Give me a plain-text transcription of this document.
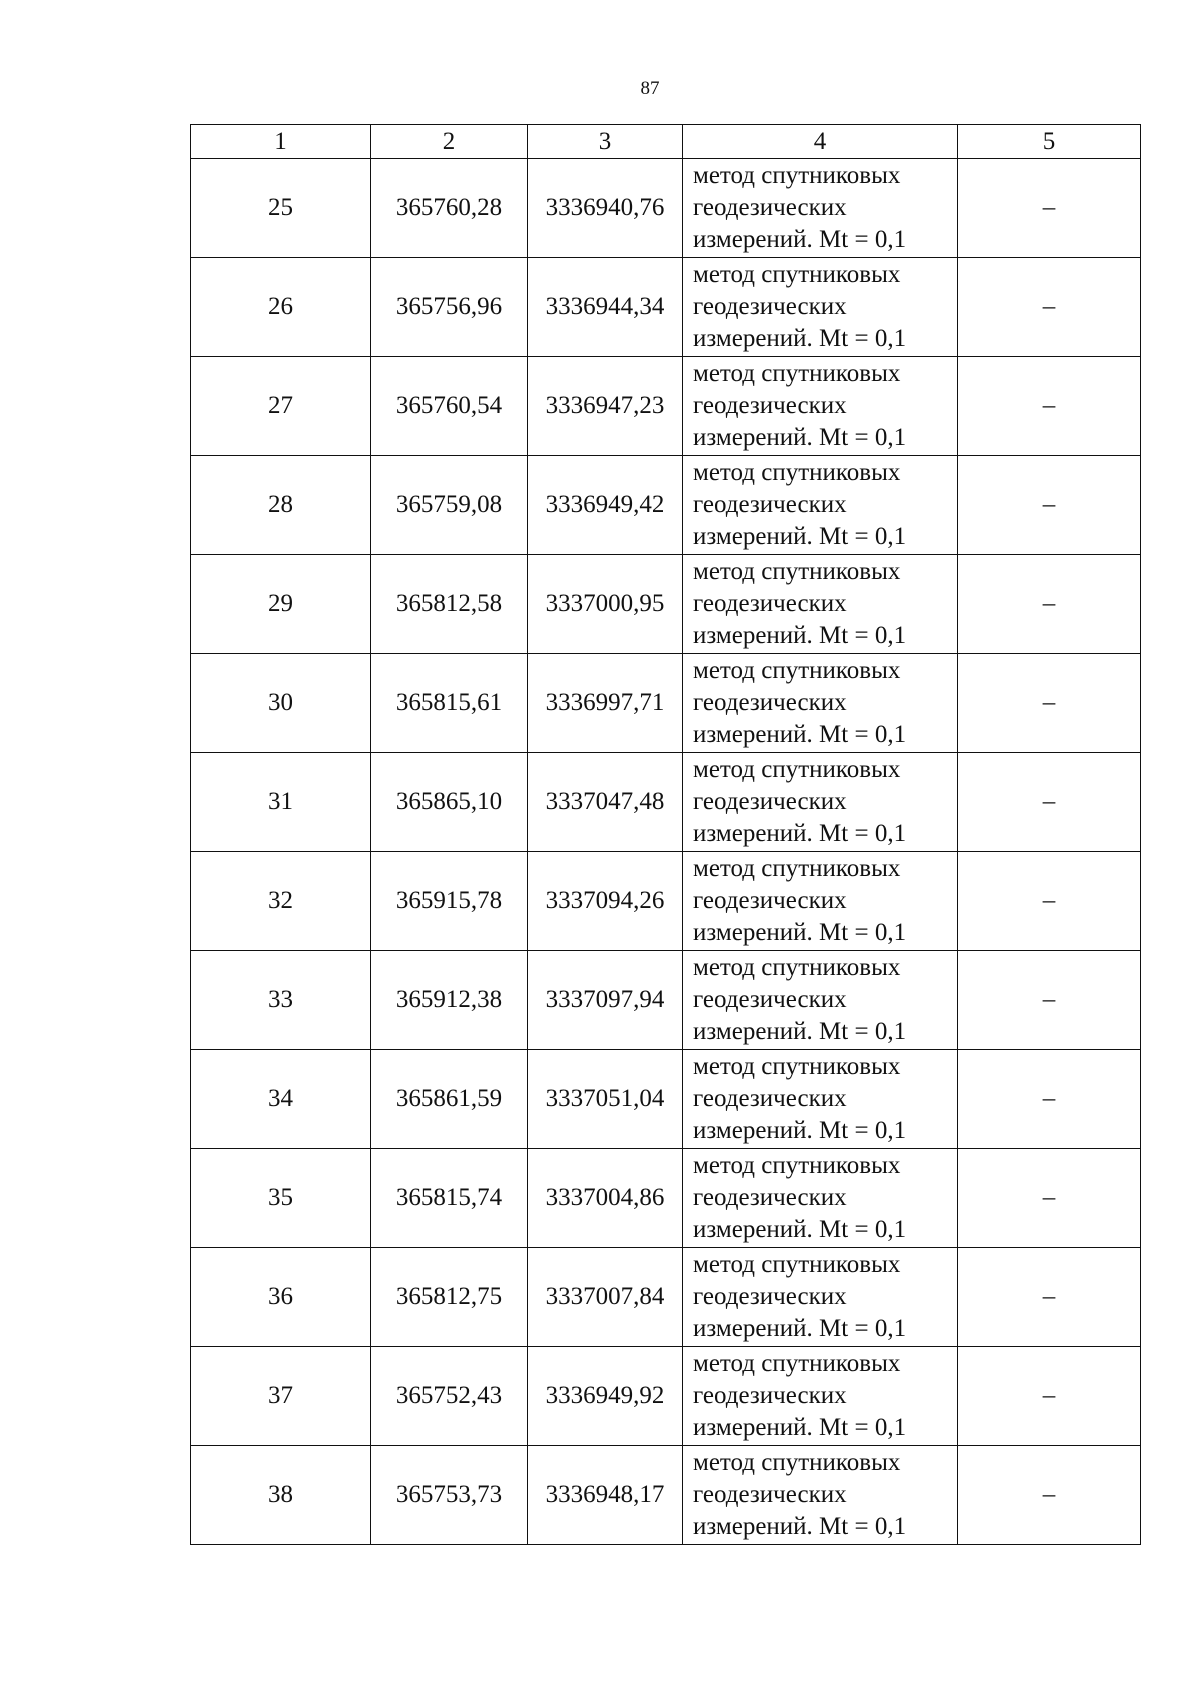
87
1	2	3	4	5
25	365760,28	3336940,76	метод спутниковых
геодезических
измерений. Mt = 0,1	–
26	365756,96	3336944,34	метод спутниковых
геодезических
измерений. Mt = 0,1	–
27	365760,54	3336947,23	метод спутниковых
геодезических
измерений. Mt = 0,1	–
28	365759,08	3336949,42	метод спутниковых
геодезических
измерений. Mt = 0,1	–
29	365812,58	3337000,95	метод спутниковых
геодезических
измерений. Mt = 0,1	–
30	365815,61	3336997,71	метод спутниковых
геодезических
измерений. Mt = 0,1	–
31	365865,10	3337047,48	метод спутниковых
геодезических
измерений. Mt = 0,1	–
32	365915,78	3337094,26	метод спутниковых
геодезических
измерений. Mt = 0,1	–
33	365912,38	3337097,94	метод спутниковых
геодезических
измерений. Mt = 0,1	–
34	365861,59	3337051,04	метод спутниковых
геодезических
измерений. Mt = 0,1	–
35	365815,74	3337004,86	метод спутниковых
геодезических
измерений. Mt = 0,1	–
36	365812,75	3337007,84	метод спутниковых
геодезических
измерений. Mt = 0,1	–
37	365752,43	3336949,92	метод спутниковых
геодезических
измерений. Mt = 0,1	–
38	365753,73	3336948,17	метод спутниковых
геодезических
измерений. Mt = 0,1	–
